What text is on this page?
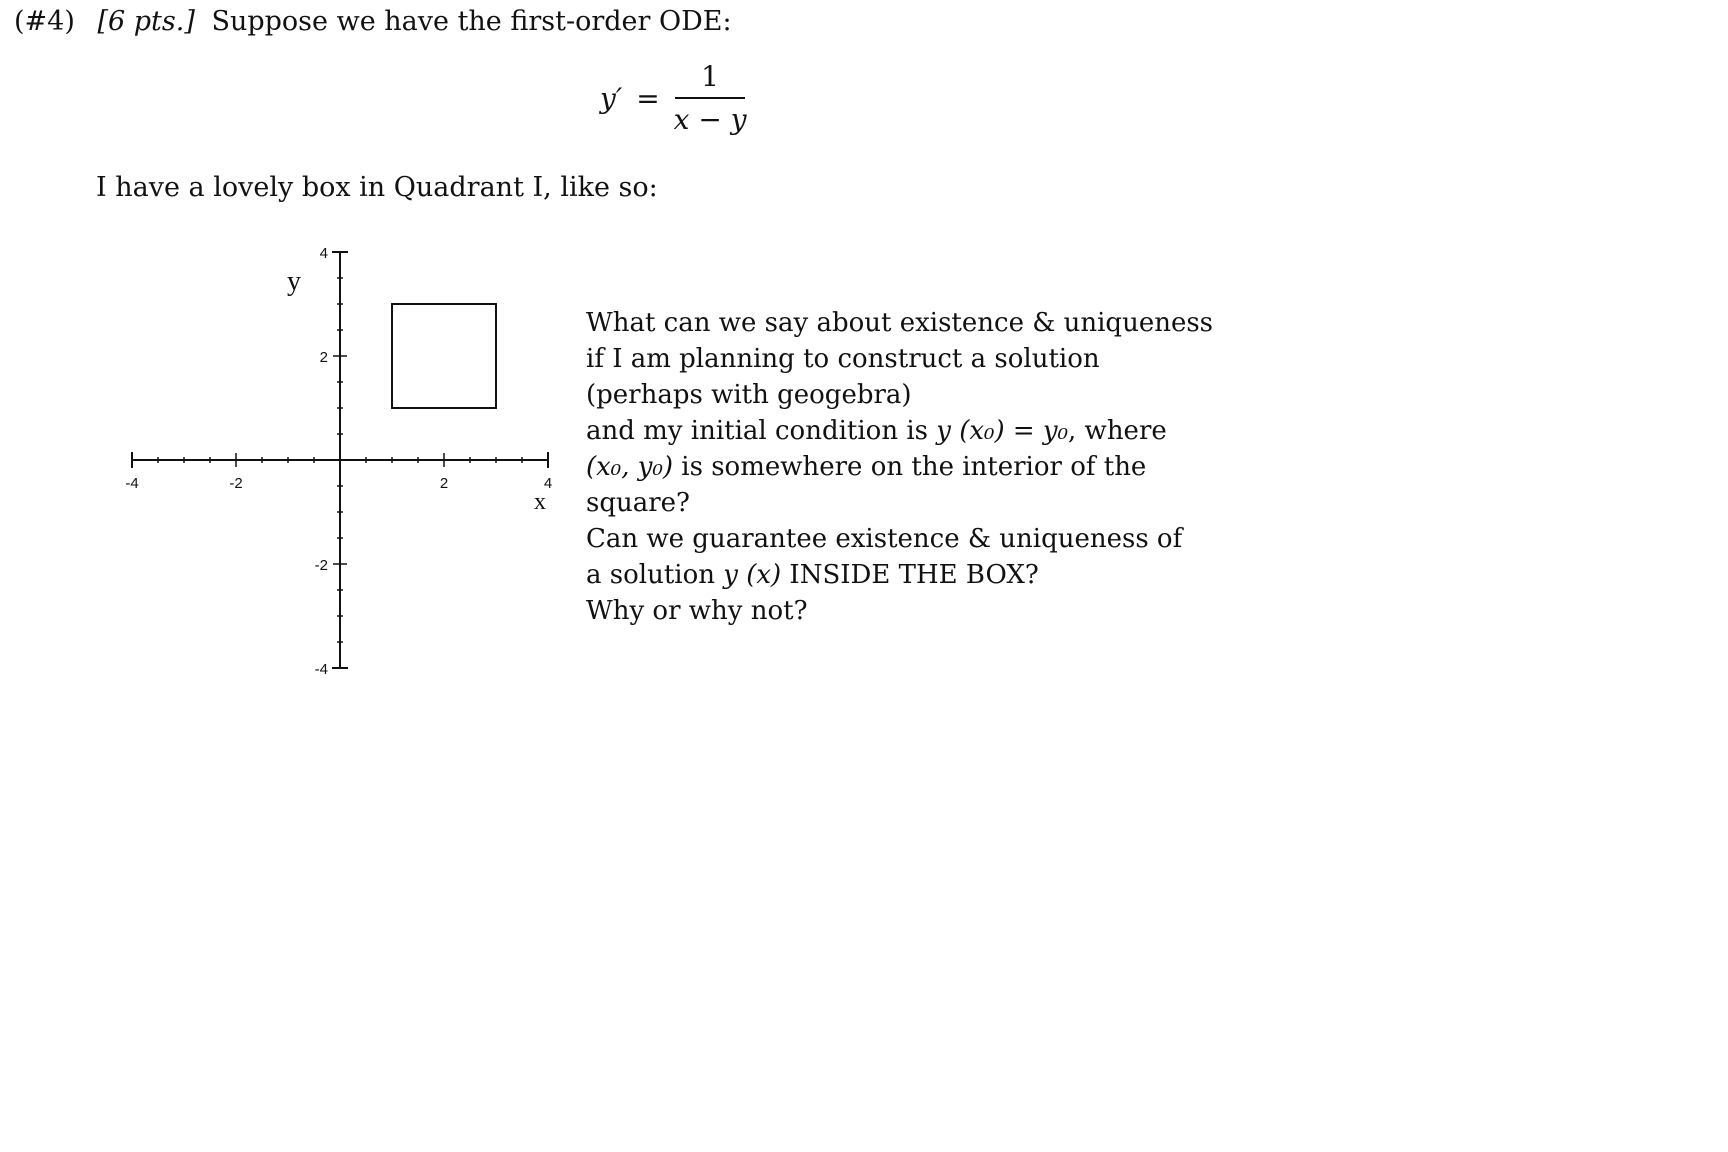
(#4) [6 pts.] Suppose we have the first-order ODE:
$y' = \frac{1}{x - y}$
I have a lovely box in Quadrant I, like so:
-4	-2	2	4
4
2
-2
-4
x
y
What can we say about existence & uniqueness
if I am planning to construct a solution
(perhaps with geogebra)
and my initial condition is y (x₀) = y₀, where
(x₀, y₀) is somewhere on the interior of the
square?
Can we guarantee existence & uniqueness of
a solution y (x) INSIDE THE BOX?
Why or why not?
